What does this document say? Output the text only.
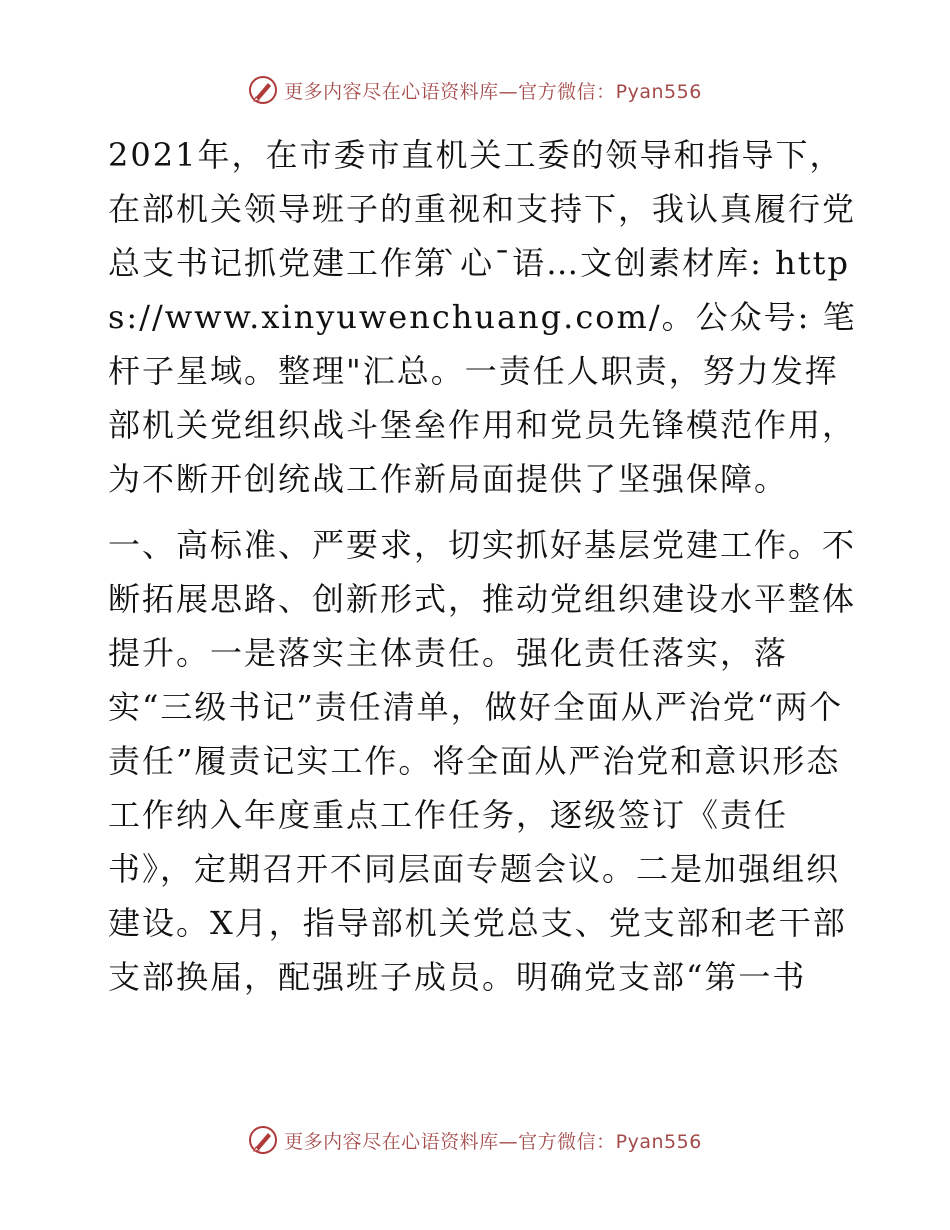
更多内容尽在心语资料库—官方微信：Pyan556

2021年，在市委市直机关工委的领导和指导下，在部机关领导班子的重视和支持下，我认真履行党总支书记抓党建工作第 ̀心¯语…文创素材库: https://www.xinyuwenchuang.com/。公众号: 笔杆子星域。整理"汇总。一责任人职责，努力发挥部机关党组织战斗堡垒作用和党员先锋模范作用，为不断开创统战工作新局面提供了坚强保障。

一、高标准、严要求，切实抓好基层党建工作。不断拓展思路、创新形式，推动党组织建设水平整体提升。一是落实主体责任。强化责任落实，落实“三级书记”责任清单，做好全面从严治党“两个责任”履责记实工作。将全面从严治党和意识形态工作纳入年度重点工作任务，逐级签订《责任书》，定期召开不同层面专题会议。二是加强组织建设。X月，指导部机关党总支、党支部和老干部支部换届，配强班子成员。明确党支部“第一书

更多内容尽在心语资料库—官方微信：Pyan556
